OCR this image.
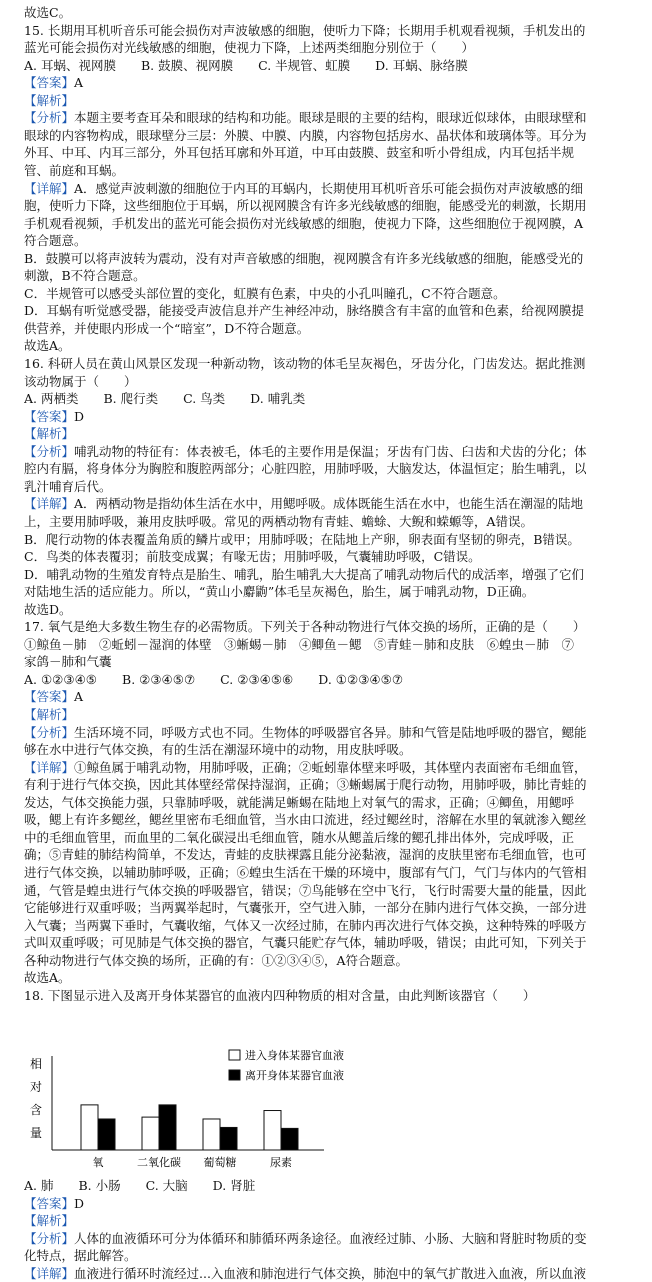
故选C。
15. 长期用耳机听音乐可能会损伤对声波敏感的细胞，使听力下降；长期用手机观看视频，手机发出的
蓝光可能会损伤对光线敏感的细胞，使视力下降，上述两类细胞分别位于（　　）
A. 耳蜗、视网膜　　B. 鼓膜、视网膜　　C. 半规管、虹膜　　D. 耳蜗、脉络膜
【答案】A
【解析】
【分析】本题主要考查耳朵和眼球的结构和功能。眼球是眼的主要的结构，眼球近似球体，由眼球壁和
眼球的内容物构成，眼球壁分三层：外膜、中膜、内膜，内容物包括房水、晶状体和玻璃体等。耳分为
外耳、中耳、内耳三部分，外耳包括耳廓和外耳道，中耳由鼓膜、鼓室和听小骨组成，内耳包括半规
管、前庭和耳蜗。
【详解】A．感觉声波刺激的细胞位于内耳的耳蜗内，长期使用耳机听音乐可能会损伤对声波敏感的细
胞，使听力下降，这些细胞位于耳蜗，所以视网膜含有许多光线敏感的细胞，能感受光的刺激，长期用
手机观看视频，手机发出的蓝光可能会损伤对光线敏感的细胞，使视力下降，这些细胞位于视网膜，A
符合题意。
B．鼓膜可以将声波转为震动，没有对声音敏感的细胞，视网膜含有许多光线敏感的细胞，能感受光的
刺激，B不符合题意。
C．半规管可以感受头部位置的变化，虹膜有色素，中央的小孔叫瞳孔，C不符合题意。
D．耳蜗有听觉感受器，能接受声波信息并产生神经冲动，脉络膜含有丰富的血管和色素，给视网膜提
供营养，并使眼内形成一个“暗室”，D不符合题意。
故选A。
16. 科研人员在黄山风景区发现一种新动物，该动物的体毛呈灰褐色，牙齿分化，门齿发达。据此推测
该动物属于（　　）
A. 两栖类　　B. 爬行类　　C. 鸟类　　D. 哺乳类
【答案】D
【解析】
【分析】哺乳动物的特征有：体表被毛，体毛的主要作用是保温；牙齿有门齿、臼齿和犬齿的分化；体
腔内有膈，将身体分为胸腔和腹腔两部分；心脏四腔，用肺呼吸，大脑发达，体温恒定；胎生哺乳，以
乳汁哺育后代。
【详解】A．两栖动物是指幼体生活在水中，用鳃呼吸。成体既能生活在水中，也能生活在潮湿的陆地
上，主要用肺呼吸，兼用皮肤呼吸。常见的两栖动物有青蛙、蟾蜍、大鲵和蝾螈等，A错误。
B．爬行动物的体表覆盖角质的鳞片或甲；用肺呼吸；在陆地上产卵，卵表面有坚韧的卵壳，B错误。
C．鸟类的体表覆羽；前肢变成翼；有喙无齿；用肺呼吸，气囊辅助呼吸，C错误。
D．哺乳动物的生殖发育特点是胎生、哺乳，胎生哺乳大大提高了哺乳动物后代的成活率，增强了它们
对陆地生活的适应能力。所以，“黄山小麝鼩”体毛呈灰褐色，胎生，属于哺乳动物，D正确。
故选D。
17. 氧气是绝大多数生物生存的必需物质。下列关于各种动物进行气体交换的场所，正确的是（　　）
①鲸鱼－肺　②蚯蚓－湿润的体壁　③蜥蜴－肺　④鲫鱼－鳃　⑤青蛙－肺和皮肤　⑥蝗虫－肺　⑦
家鸽－肺和气囊
A. ①②③④⑤　　B. ②③④⑤⑦　　C. ②③④⑤⑥　　D. ①②③④⑤⑦
【答案】A
【解析】
【分析】生活环境不同，呼吸方式也不同。生物体的呼吸器官各异。肺和气管是陆地呼吸的器官，鳃能
够在水中进行气体交换，有的生活在潮湿环境中的动物，用皮肤呼吸。
【详解】①鲸鱼属于哺乳动物，用肺呼吸，正确；②蚯蚓靠体壁来呼吸，其体壁内表面密布毛细血管，
有利于进行气体交换，因此其体壁经常保持湿润，正确；③蜥蜴属于爬行动物，用肺呼吸，肺比青蛙的
发达，气体交换能力强，只靠肺呼吸，就能满足蜥蜴在陆地上对氧气的需求，正确；④鲫鱼，用鳃呼
吸，鳃上有许多鳃丝，鳃丝里密布毛细血管，当水由口流进，经过鳃丝时，溶解在水里的氧就渗入鳃丝
中的毛细血管里，而血里的二氧化碳浸出毛细血管，随水从鳃盖后缘的鳃孔排出体外，完成呼吸，正
确；⑤青蛙的肺结构简单，不发达，青蛙的皮肤裸露且能分泌黏液，湿润的皮肤里密布毛细血管，也可
进行气体交换，以辅助肺呼吸，正确；⑥蝗虫生活在干燥的环境中，腹部有气门，气门与体内的气管相
通，气管是蝗虫进行气体交换的呼吸器官，错误；⑦鸟能够在空中飞行，飞行时需要大量的能量，因此
它能够进行双重呼吸；当两翼举起时，气囊张开，空气进入肺，一部分在肺内进行气体交换，一部分进
入气囊；当两翼下垂时，气囊收缩，气体又一次经过肺，在肺内再次进行气体交换，这种特殊的呼吸方
式叫双重呼吸；可见肺是气体交换的器官，气囊只能贮存气体，辅助呼吸，错误；由此可知，下列关于
各种动物进行气体交换的场所，正确的有：①②③④⑤，A符合题意。
故选A。
18. 下图显示进入及离开身体某器官的血液内四种物质的相对含量，由此判断该器官（　　）
相
对
含
量
进入身体某器官血液
离开身体某器官血液
氧	二氧化碳 葡萄糖	尿素
A. 肺　　B. 小肠　　C. 大脑　　D. 肾脏
【答案】D
【解析】
【分析】人体的血液循环可分为体循环和肺循环两条途径。血液经过肺、小肠、大脑和肾脏时物质的变
化特点，据此解答。
【详解】血液进行循环时流经过...入血液和肺泡进行气体交换，肺泡中的氧气扩散进入血液，所以血液
